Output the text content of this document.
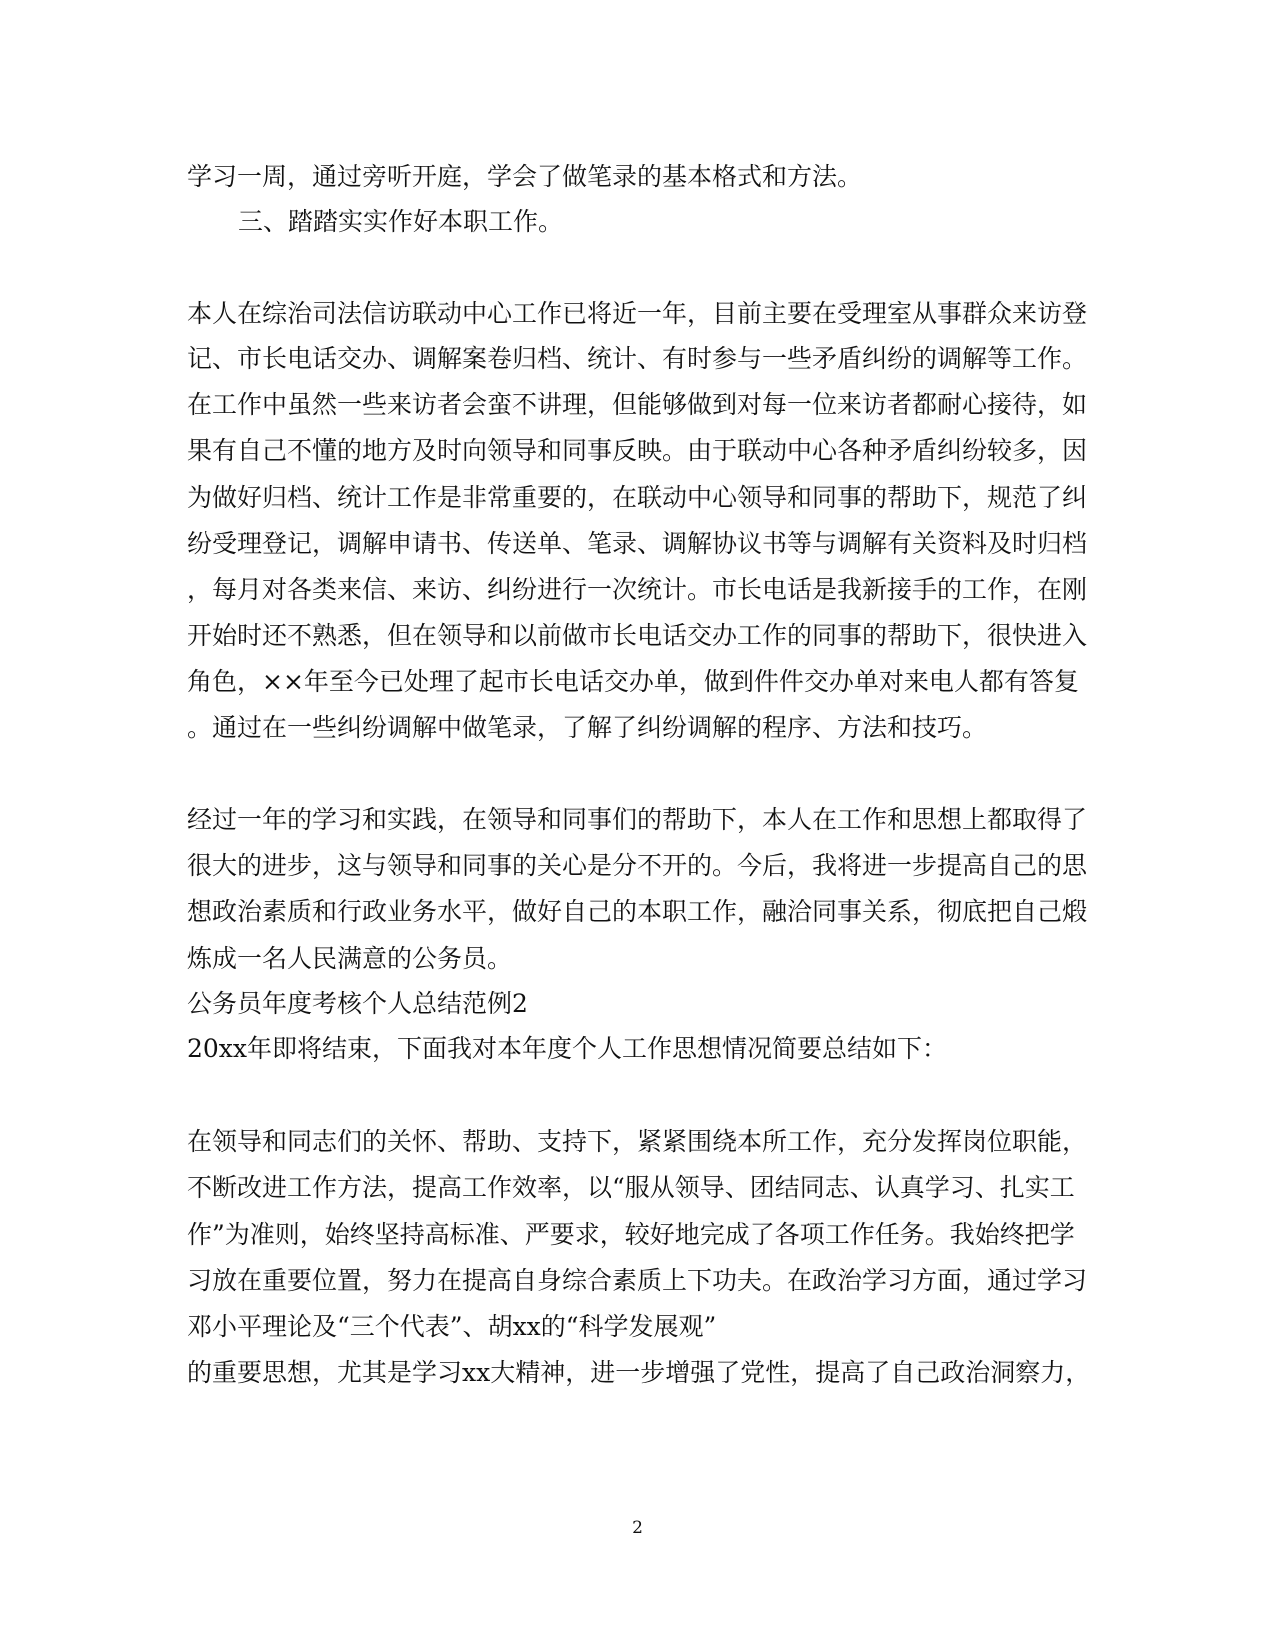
学习一周，通过旁听开庭，学会了做笔录的基本格式和方法。
三、踏踏实实作好本职工作。
本人在综治司法信访联动中心工作已将近一年，目前主要在受理室从事群众来访登
记、市长电话交办、调解案卷归档、统计、有时参与一些矛盾纠纷的调解等工作。
在工作中虽然一些来访者会蛮不讲理，但能够做到对每一位来访者都耐心接待，如
果有自己不懂的地方及时向领导和同事反映。由于联动中心各种矛盾纠纷较多，因
为做好归档、统计工作是非常重要的，在联动中心领导和同事的帮助下，规范了纠
纷受理登记，调解申请书、传送单、笔录、调解协议书等与调解有关资料及时归档
，每月对各类来信、来访、纠纷进行一次统计。市长电话是我新接手的工作，在刚
开始时还不熟悉，但在领导和以前做市长电话交办工作的同事的帮助下，很快进入
角色，××年至今已处理了起市长电话交办单，做到件件交办单对来电人都有答复
。通过在一些纠纷调解中做笔录，了解了纠纷调解的程序、方法和技巧。
经过一年的学习和实践，在领导和同事们的帮助下，本人在工作和思想上都取得了
很大的进步，这与领导和同事的关心是分不开的。今后，我将进一步提高自己的思
想政治素质和行政业务水平，做好自己的本职工作，融洽同事关系，彻底把自己煅
炼成一名人民满意的公务员。
公务员年度考核个人总结范例2
20xx年即将结束，下面我对本年度个人工作思想情况简要总结如下：
在领导和同志们的关怀、帮助、支持下，紧紧围绕本所工作，充分发挥岗位职能，
不断改进工作方法，提高工作效率，以“服从领导、团结同志、认真学习、扎实工
作”为准则，始终坚持高标准、严要求，较好地完成了各项工作任务。我始终把学
习放在重要位置，努力在提高自身综合素质上下功夫。在政治学习方面，通过学习
邓小平理论及“三个代表”、胡xx的“科学发展观”
的重要思想，尤其是学习xx大精神，进一步增强了党性，提高了自己政治洞察力，
2
